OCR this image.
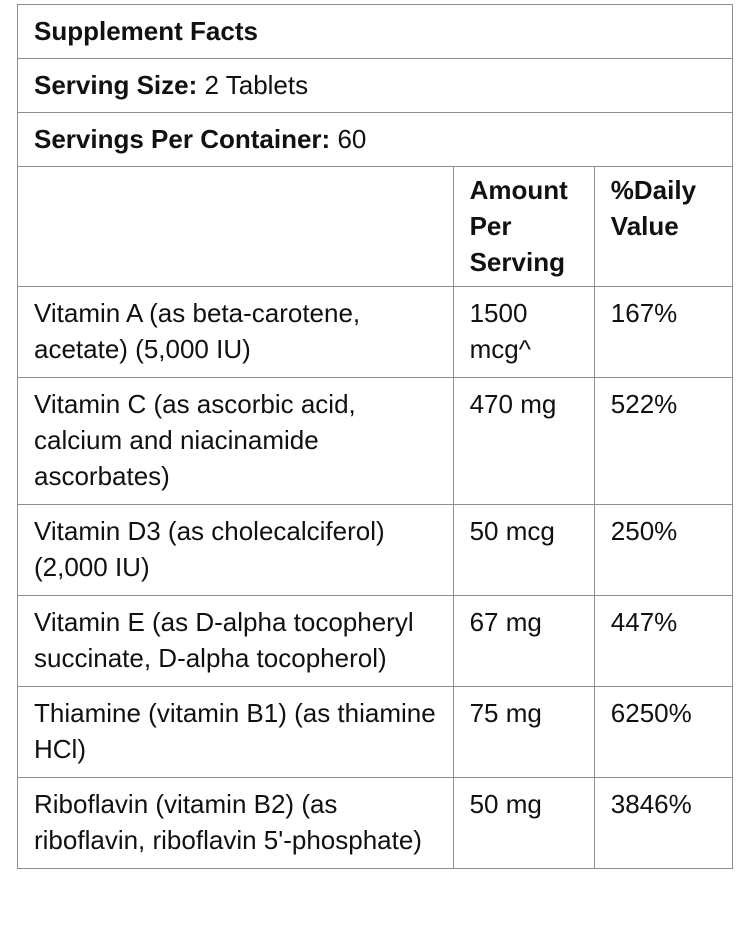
Supplement Facts		
Serving Size: 2 Tablets		
Servings Per Container: 60		
	Amount Per Serving	%Daily Value
Vitamin A (as beta-carotene, acetate) (5,000 IU)	1500 mcg^	167%
Vitamin C (as ascorbic acid, calcium and niacinamide ascorbates)	470 mg	522%
Vitamin D3 (as cholecalciferol) (2,000 IU)	50 mcg	250%
Vitamin E (as D-alpha tocopheryl succinate, D-alpha tocopherol)	67 mg	447%
Thiamine (vitamin B1) (as thiamine HCl)	75 mg	6250%
Riboflavin (vitamin B2) (as riboflavin, riboflavin 5'-phosphate)	50 mg	3846%
